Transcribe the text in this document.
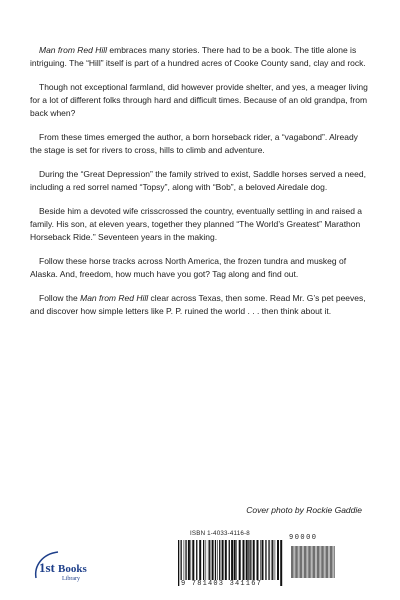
Man from Red Hill embraces many stories. There had to be a book. The title alone is intriguing. The “Hill” itself is part of a hundred acres of Cooke County sand, clay and rock.

Though not exceptional farmland, did however provide shelter, and yes, a meager living for a lot of different folks through hard and difficult times. Because of an old grandpa, from back when?

From these times emerged the author, a born horseback rider, a “vagabond”. Already the stage is set for rivers to cross, hills to climb and adventure.

During the “Great Depression” the family strived to exist, Saddle horses served a need, including a red sorrel named “Topsy”, along with “Bob”, a beloved Airedale dog.

Beside him a devoted wife crisscrossed the country, eventually settling in and raised a family. His son, at eleven years, together they planned “The World’s Greatest” Marathon Horseback Ride.” Seventeen years in the making.

Follow these horse tracks across North America, the frozen tundra and muskeg of Alaska. And, freedom, how much have you got? Tag along and find out.

Follow the Man from Red Hill clear across Texas, then some. Read Mr. G’s pet peeves, and discover how simple letters like P. P. ruined the world . . . then think about it.

Cover photo by Rockie Gaddie
1st Books
Library
ISBN 1-4033-4116-8
9 781403 341167
90000
